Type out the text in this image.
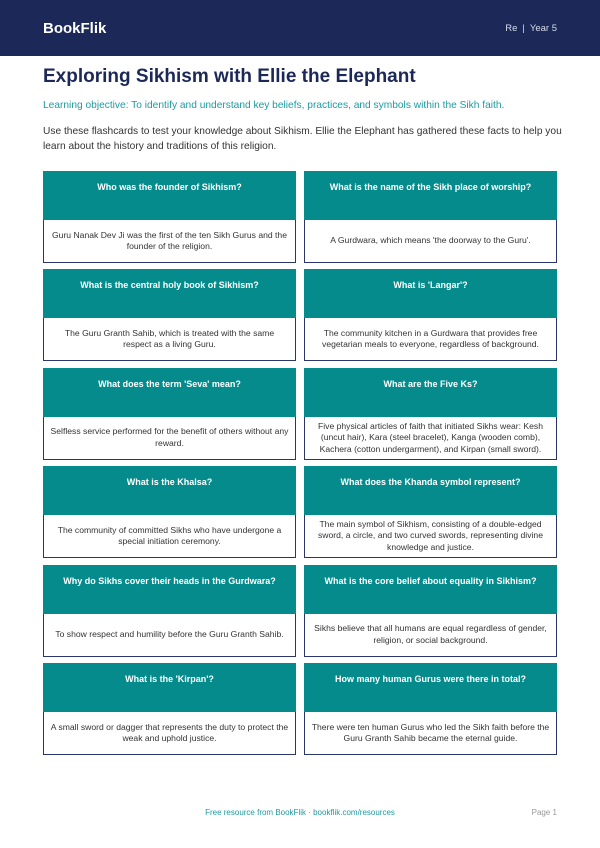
BookFlik	Re | Year 5
Exploring Sikhism with Ellie the Elephant

Learning objective: To identify and understand key beliefs, practices, and symbols within the Sikh faith.

Use these flashcards to test your knowledge about Sikhism. Ellie the Elephant has gathered these facts to help you learn about the history and traditions of this religion.

Who was the founder of Sikhism?
Guru Nanak Dev Ji was the first of the ten Sikh Gurus and the founder of the religion.
What is the name of the Sikh place of worship?
A Gurdwara, which means 'the doorway to the Guru'.
What is the central holy book of Sikhism?
The Guru Granth Sahib, which is treated with the same respect as a living Guru.
What is 'Langar'?
The community kitchen in a Gurdwara that provides free vegetarian meals to everyone, regardless of background.
What does the term 'Seva' mean?
Selfless service performed for the benefit of others without any reward.
What are the Five Ks?
Five physical articles of faith that initiated Sikhs wear: Kesh (uncut hair), Kara (steel bracelet), Kanga (wooden comb), Kachera (cotton undergarment), and Kirpan (small sword).
What is the Khalsa?
The community of committed Sikhs who have undergone a special initiation ceremony.
What does the Khanda symbol represent?
The main symbol of Sikhism, consisting of a double-edged sword, a circle, and two curved swords, representing divine knowledge and justice.
Why do Sikhs cover their heads in the Gurdwara?
To show respect and humility before the Guru Granth Sahib.
What is the core belief about equality in Sikhism?
Sikhs believe that all humans are equal regardless of gender, religion, or social background.
What is the 'Kirpan'?
A small sword or dagger that represents the duty to protect the weak and uphold justice.
How many human Gurus were there in total?
There were ten human Gurus who led the Sikh faith before the Guru Granth Sahib became the eternal guide.
Free resource from BookFlik · bookflik.com/resources	Page 1
